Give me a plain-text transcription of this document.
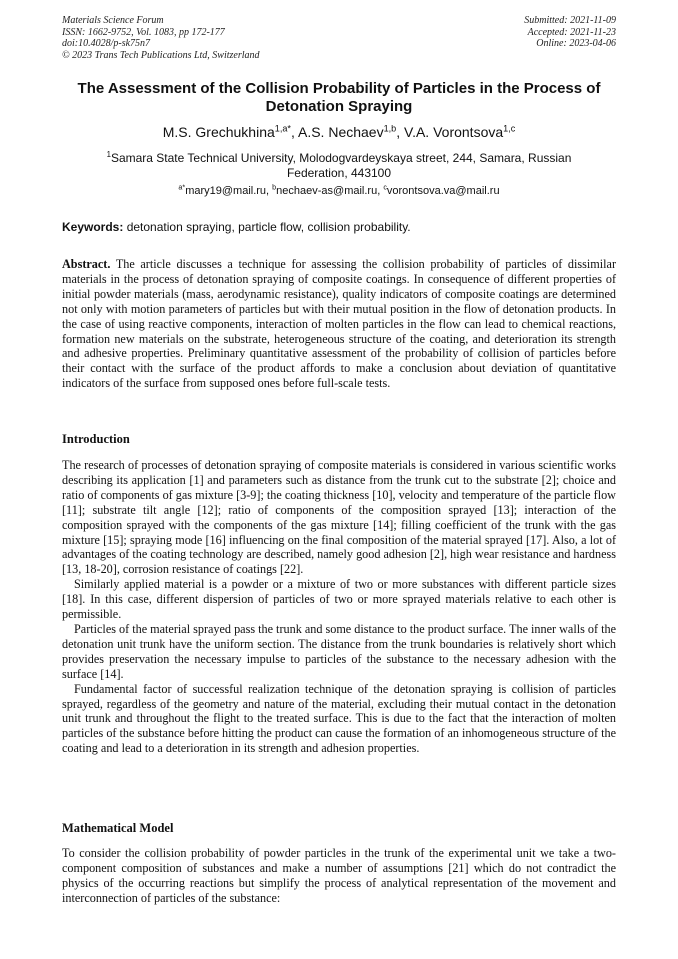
Materials Science Forum
ISSN: 1662-9752, Vol. 1083, pp 172-177
doi:10.4028/p-sk75n7
© 2023 Trans Tech Publications Ltd, Switzerland
Submitted: 2021-11-09
Accepted: 2021-11-23
Online: 2023-04-06
The Assessment of the Collision Probability of Particles in the Process of Detonation Spraying
M.S. Grechukhina$^{1,a*}$, A.S. Nechaev$^{1,b}$, V.A. Vorontsova$^{1,c}$
$^1$Samara State Technical University, Molodogvardeyskaya street, 244, Samara, Russian Federation, 443100
$^{a*}$mary19@mail.ru, $^b$nechaev-as@mail.ru, $^c$vorontsova.va@mail.ru
Keywords: detonation spraying, particle flow, collision probability.

Abstract. The article discusses a technique for assessing the collision probability of particles of dissimilar materials in the process of detonation spraying of composite coatings. In consequence of different properties of initial powder materials (mass, aerodynamic resistance), quality indicators of composite coatings are determined not only with motion parameters of particles but with their mutual position in the flow of detonation products. In the case of using reactive components, interaction of molten particles in the flow can lead to chemical reactions, formation new materials on the substrate, heterogeneous structure of the coating, and deterioration its strength and adhesive properties. Preliminary quantitative assessment of the probability of collision of particles before their contact with the surface of the product affords to make a conclusion about deviation of quantitative indicators of the surface from supposed ones before full-scale tests.

Introduction

The research of processes of detonation spraying of composite materials is considered in various scientific works describing its application [1] and parameters such as distance from the trunk cut to the substrate [2]; choice and ratio of components of gas mixture [3-9]; the coating thickness [10], velocity and temperature of the particle flow [11]; substrate tilt angle [12]; ratio of components of the composition sprayed [13]; interaction of the composition sprayed with the components of the gas mixture [14]; filling coefficient of the trunk with the gas mixture [15]; spraying mode [16] influencing on the final composition of the material sprayed [17]. Also, a lot of advantages of the coating technology are described, namely good adhesion [2], high wear resistance and hardness [13, 18-20], corrosion resistance of coatings [22].

Similarly applied material is a powder or a mixture of two or more substances with different particle sizes [18]. In this case, different dispersion of particles of two or more sprayed materials relative to each other is permissible.

Particles of the material sprayed pass the trunk and some distance to the product surface. The inner walls of the detonation unit trunk have the uniform section. The distance from the trunk boundaries is relatively short which provides preservation the necessary impulse to particles of the substance to the necessary adhesion with the surface [14].

Fundamental factor of successful realization technique of the detonation spraying is collision of particles sprayed, regardless of the geometry and nature of the material, excluding their mutual contact in the detonation unit trunk and throughout the flight to the treated surface. This is due to the fact that the interaction of molten particles of the substance before hitting the product can cause the formation of an inhomogeneous structure of the coating and lead to a deterioration in its strength and adhesion properties.

Mathematical Model

To consider the collision probability of powder particles in the trunk of the experimental unit we take a two-component composition of substances and make a number of assumptions [21] which do not contradict the physics of the occurring reactions but simplify the process of analytical representation of the movement and interconnection of particles of the substance:
